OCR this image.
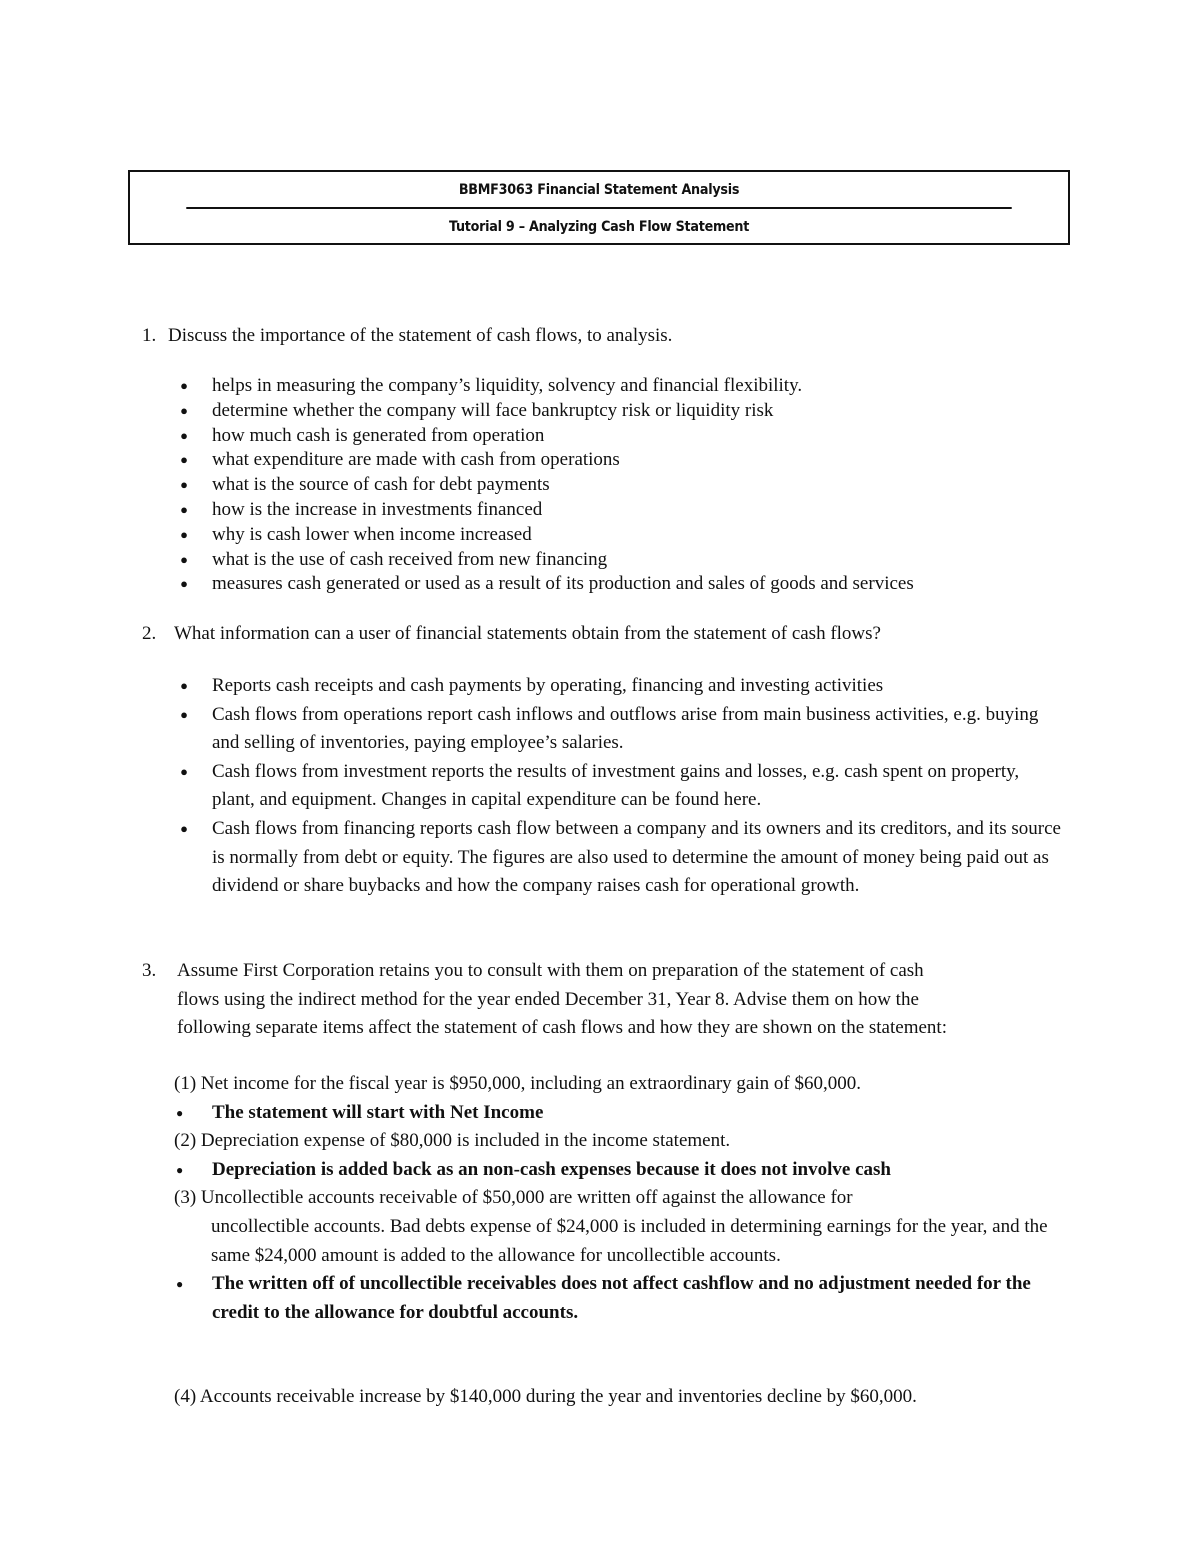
BBMF3063 Financial Statement Analysis
Tutorial 9 – Analyzing Cash Flow Statement
1. Discuss the importance of the statement of cash flows, to analysis.
● helps in measuring the company’s liquidity, solvency and financial flexibility.
● determine whether the company will face bankruptcy risk or liquidity risk
● how much cash is generated from operation
● what expenditure are made with cash from operations
● what is the source of cash for debt payments
● how is the increase in investments financed
● why is cash lower when income increased
● what is the use of cash received from new financing
● measures cash generated or used as a result of its production and sales of goods and services
2. What information can a user of financial statements obtain from the statement of cash flows?
● Reports cash receipts and cash payments by operating, financing and investing activities
● Cash flows from operations report cash inflows and outflows arise from main business activities, e.g. buying and selling of inventories, paying employee’s salaries.
● Cash flows from investment reports the results of investment gains and losses, e.g. cash spent on property, plant, and equipment. Changes in capital expenditure can be found here.
● Cash flows from financing reports cash flow between a company and its owners and its creditors, and its source is normally from debt or equity. The figures are also used to determine the amount of money being paid out as dividend or share buybacks and how the company raises cash for operational growth.
3. Assume First Corporation retains you to consult with them on preparation of the statement of cash
flows using the indirect method for the year ended December 31, Year 8. Advise them on how the
following separate items affect the statement of cash flows and how they are shown on the statement:
(1) Net income for the fiscal year is $950,000, including an extraordinary gain of $60,000.
● The statement will start with Net Income
(2) Depreciation expense of $80,000 is included in the income statement.
● Depreciation is added back as an non-cash expenses because it does not involve cash
(3) Uncollectible accounts receivable of $50,000 are written off against the allowance for
uncollectible accounts. Bad debts expense of $24,000 is included in determining earnings for the year, and the same $24,000 amount is added to the allowance for uncollectible accounts.
● The written off of uncollectible receivables does not affect cashflow and no adjustment needed for the credit to the allowance for doubtful accounts.
(4) Accounts receivable increase by $140,000 during the year and inventories decline by $60,000.
